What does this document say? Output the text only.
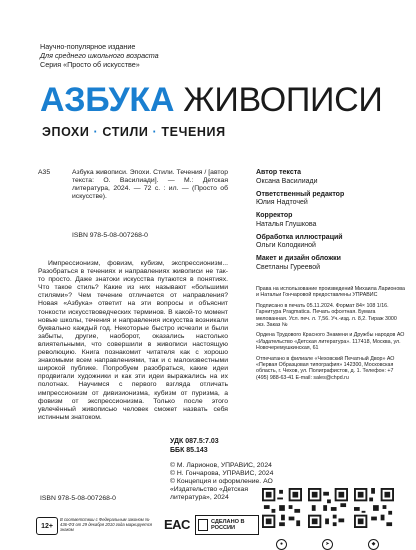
Научно-популярное издание
Для среднего школьного возраста
Серия «Просто об искусстве»
АЗБУКА ЖИВОПИСИ
ЭПОХИ · СТИЛИ · ТЕЧЕНИЯ
А35	Азбука живописи. Эпохи. Стили. Течения / [автор текста: О. Василиади]. — М.: Детская литература, 2024. — 72 с. : ил. — (Просто об искусстве).
ISBN 978-5-08-007268-0
Импрессионизм, фовизм, кубизм, экспрессионизм... Разобраться в течениях и направлениях живописи не так-то просто. Даже знатоки искусства путаются в понятиях. Что такое стиль? Какие из них называют «большими стилями»? Чем течение отличается от направления? Новая «Азбука» ответит на эти вопросы и объяснит тонкости искусствоведческих терминов. В какой-то момент новые школы, течения и направления искусства возникали буквально каждый год. Некоторые быстро исчезли и были забыты, другие, наоборот, оказались настолько влиятельными, что совершили в живописи настоящую революцию. Книга познакомит читателя как с хорошо знакомыми всем направлениями, так и с малоизвестными широкой публике. Попробуем разобраться, какие идеи продвигали художники и как эти идеи выражались на их полотнах. Научимся с первого взгляда отличать импрессионизм от дивизионизма, кубизм от пуризма, а фовизм от экспрессионизма. Только после этого увлечённый живописью человек сможет назвать себя истинным знатоком.
УДК 087.5:7.03
ББК 85.143
© М. Ларионов, УПРАВИС, 2024
© Н. Гончарова, УПРАВИС, 2024
© Концепция и оформление. АО «Издательство «Детская литература», 2024
ISBN 978-5-08-007268-0
Автор текста
Оксана Василиади
Ответственный редактор
Юлия Надточей
Корректор
Наталья Глушкова
Обработка иллюстраций
Ольги Колодкиной
Макет и дизайн обложки
Светланы Гуреевой

Права на использование произведений Михаила Ларионова и Натальи Гончаровой предоставлены УПРАВИС

Подписано в печать 05.11.2024. Формат 84× 108 1/16. Гарнитура Pragmatica. Печать офсетная. Бумага мелованная. Усл. печ. л. 7,56. Уч.-изд. л. 8,2. Тираж 3000 экз. Заказ №

Ордена Трудового Красного Знамени и Дружбы народов АО «Издательство «Детская литература». 117418, Москва, ул. Новочеремушкинская, 61

Отпечатано в филиале «Чеховский Печатный Двор» АО «Первая Образцовая типография» 142300, Московская область, г. Чехов, ул. Полиграфистов, д. 1. Телефон: +7 (495) 988-63-41 E-mail: sales@chpd.ru

12+
В соответствии с Федеральным законом № 436-ФЗ от 29 декабря 2010 года маркируется знаком	EAC	СДЕЛАНО В РОССИИ
●	➤	◆
